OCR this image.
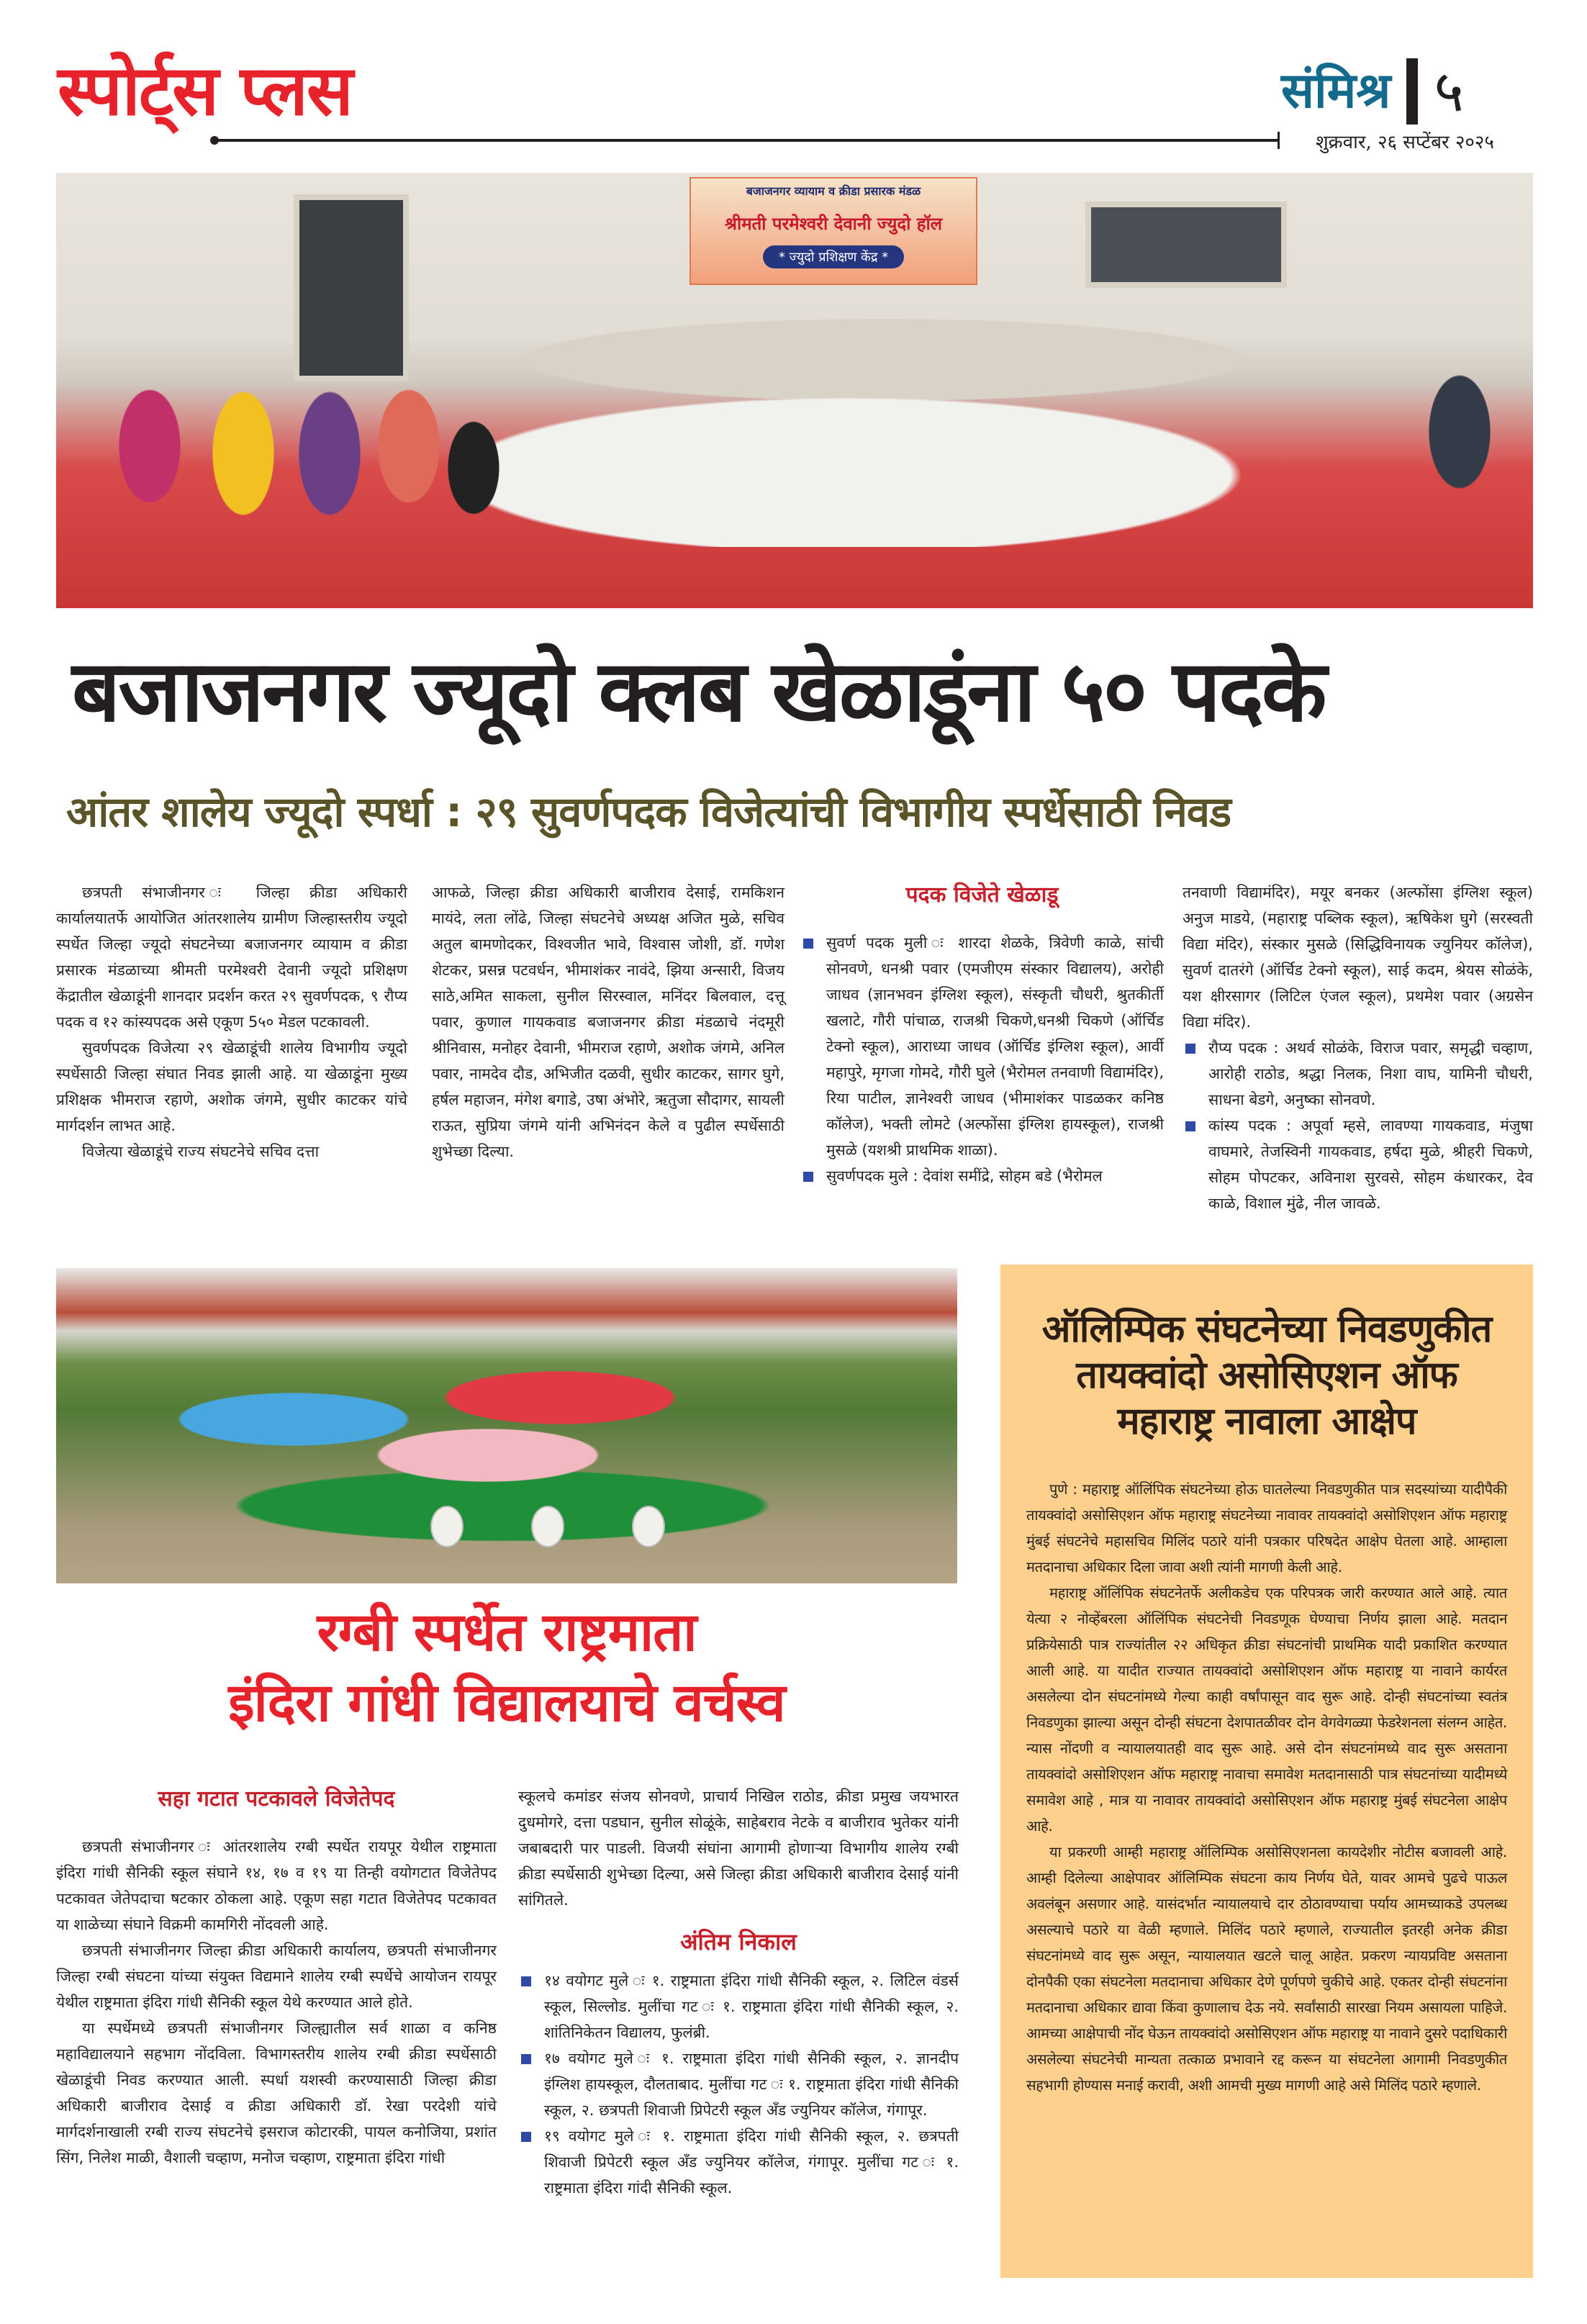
स्पोर्ट्स प्लस	संमिश्र ५
शुक्रवार, २६ सप्टेंबर २०२५
बजाजनगर व्यायाम व क्रीडा प्रसारक मंडळ
श्रीमती परमेश्वरी देवानी ज्युदो हॉल
* ज्युदो प्रशिक्षण केंद्र *
बजाजनगर ज्यूदो क्लब खेळाडूंना ५० पदके
आंतर शालेय ज्यूदो स्पर्धा : २९ सुवर्णपदक विजेत्यांची विभागीय स्पर्धेसाठी निवड

छत्रपती संभाजीनगर ः जिल्हा क्रीडा अधिकारी कार्यालयातर्फे आयोजित आंतरशालेय ग्रामीण जिल्हास्तरीय ज्यूदो स्पर्धेत जिल्हा ज्यूदो संघटनेच्या बजाजनगर व्यायाम व क्रीडा प्रसारक मंडळाच्या श्रीमती परमेश्वरी देवानी ज्यूदो प्रशिक्षण केंद्रातील खेळाडूंनी शानदार प्रदर्शन करत २९ सुवर्णपदक, ९ रौप्य पदक व १२ कांस्यपदक असे एकूण 5५० मेडल पटकावली.

सुवर्णपदक विजेत्या २९ खेळाडूंची शालेय विभागीय ज्यूदो स्पर्धेसाठी जिल्हा संघात निवड झाली आहे. या खेळाडूंना मुख्य प्रशिक्षक भीमराज रहाणे, अशोक जंगमे, सुधीर काटकर यांचे मार्गदर्शन लाभत आहे.

विजेत्या खेळाडूंचे राज्य संघटनेचे सचिव दत्ता

आफळे, जिल्हा क्रीडा अधिकारी बाजीराव देसाई, रामकिशन मायंदे, लता लोंढे, जिल्हा संघटनेचे अध्यक्ष अजित मुळे, सचिव अतुल बामणोदकर, विश्वजीत भावे, विश्वास जोशी, डॉ. गणेश शेटकर, प्रसन्न पटवर्धन, भीमाशंकर नावंदे, झिया अन्सारी, विजय साठे,अमित साकला, सुनील सिरस्वाल, मनिंदर बिलवाल, दत्तू पवार, कुणाल गायकवाड बजाजनगर क्रीडा मंडळाचे नंदमूरी श्रीनिवास, मनोहर देवानी, भीमराज रहाणे, अशोक जंगमे, अनिल पवार, नामदेव दौड, अभिजीत दळवी, सुधीर काटकर, सागर घुगे, हर्षल महाजन, मंगेश बगाडे, उषा अंभोरे, ऋतुजा सौदागर, सायली राऊत, सुप्रिया जंगमे यांनी अभिनंदन केले व पुढील स्पर्धेसाठी शुभेच्छा दिल्या.

पदक विजेते खेळाडू

सुवर्ण पदक मुली ः शारदा शेळके, त्रिवेणी काळे, सांची सोनवणे, धनश्री पवार (एमजीएम संस्कार विद्यालय), अरोही जाधव (ज्ञानभवन इंग्लिश स्कूल), संस्कृती चौधरी, श्रुतकीर्ती खलाटे, गौरी पांचाळ, राजश्री चिकणे,धनश्री चिकणे (ऑर्चिड टेक्नो स्कूल), आराध्या जाधव (ऑर्चिड इंग्लिश स्कूल), आर्वी महापुरे, मृगजा गोमदे, गौरी घुले (भैरोमल तनवाणी विद्यामंदिर), रिया पाटील, ज्ञानेश्वरी जाधव (भीमाशंकर पाडळकर कनिष्ठ कॉलेज), भक्ती लोमटे (अल्फोंसा इंग्लिश हायस्कूल), राजश्री मुसळे (यशश्री प्राथमिक शाळा).

सुवर्णपदक मुले : देवांश समींद्रे, सोहम बडे (भैरोमल

तनवाणी विद्यामंदिर), मयूर बनकर (अल्फोंसा इंग्लिश स्कूल) अनुज माडये, (महाराष्ट्र पब्लिक स्कूल), ऋषिकेश घुगे (सरस्वती विद्या मंदिर), संस्कार मुसळे (सिद्धिविनायक ज्युनियर कॉलेज), सुवर्ण दातरंगे (ऑर्चिड टेक्नो स्कूल), साई कदम, श्रेयस सोळंके, यश क्षीरसागर (लिटिल एंजल स्कूल), प्रथमेश पवार (अग्रसेन विद्या मंदिर).

रौप्य पदक : अथर्व सोळंके, विराज पवार, समृद्धी चव्हाण, आरोही राठोड, श्रद्धा निलक, निशा वाघ, यामिनी चौधरी, साधना बेडगे, अनुष्का सोनवणे.

कांस्य पदक : अपूर्वा म्हसे, लावण्या गायकवाड, मंजुषा वाघमारे, तेजस्विनी गायकवाड, हर्षदा मुळे, श्रीहरी चिकणे, सोहम पोपटकर, अविनाश सुरवसे, सोहम कंधारकर, देव काळे, विशाल मुंढे, नील जावळे.

रग्बी स्पर्धेत राष्ट्रमाता
इंदिरा गांधी विद्यालयाचे वर्चस्व
सहा गटात पटकावले विजेतेपद

छत्रपती संभाजीनगर ः आंतरशालेय रग्बी स्पर्धेत रायपूर येथील राष्ट्रमाता इंदिरा गांधी सैनिकी स्कूल संघाने १४, १७ व १९ या तिन्ही वयोगटात विजेतेपद पटकावत जेतेपदाचा षटकार ठोकला आहे. एकूण सहा गटात विजेतेपद पटकावत या शाळेच्या संघाने विक्रमी कामगिरी नोंदवली आहे.

छत्रपती संभाजीनगर जिल्हा क्रीडा अधिकारी कार्यालय, छत्रपती संभाजीनगर जिल्हा रग्बी संघटना यांच्या संयुक्त विद्यमाने शालेय रग्बी स्पर्धेचे आयोजन रायपूर येथील राष्ट्रमाता इंदिरा गांधी सैनिकी स्कूल येथे करण्यात आले होते.

या स्पर्धेमध्ये छत्रपती संभाजीनगर जिल्ह्यातील सर्व शाळा व कनिष्ठ महाविद्यालयाने सहभाग नोंदविला. विभागस्तरीय शालेय रग्बी क्रीडा स्पर्धेसाठी खेळाडूंची निवड करण्यात आली. स्पर्धा यशस्वी करण्यासाठी जिल्हा क्रीडा अधिकारी बाजीराव देसाई व क्रीडा अधिकारी डॉ. रेखा परदेशी यांचे मार्गदर्शनाखाली रग्बी राज्य संघटनेचे इसराज कोटारकी, पायल कनोजिया, प्रशांत सिंग, निलेश माळी, वैशाली चव्हाण, मनोज चव्हाण, राष्ट्रमाता इंदिरा गांधी

स्कूलचे कमांडर संजय सोनवणे, प्राचार्य निखिल राठोड, क्रीडा प्रमुख जयभारत दुधमोगरे, दत्ता पडघान, सुनील सोळूंके, साहेबराव नेटके व बाजीराव भुतेकर यांनी जबाबदारी पार पाडली. विजयी संघांना आगामी होणाऱ्या विभागीय शालेय रग्बी क्रीडा स्पर्धेसाठी शुभेच्छा दिल्या, असे जिल्हा क्रीडा अधिकारी बाजीराव देसाई यांनी सांगितले.

अंतिम निकाल

१४ वयोगट मुले ः १. राष्ट्रमाता इंदिरा गांधी सैनिकी स्कूल, २. लिटिल वंडर्स स्कूल, सिल्लोड. मुलींचा गट ः १. राष्ट्रमाता इंदिरा गांधी सैनिकी स्कूल, २. शांतिनिकेतन विद्यालय, फुलंब्री.

१७ वयोगट मुले ः १. राष्ट्रमाता इंदिरा गांधी सैनिकी स्कूल, २. ज्ञानदीप इंग्लिश हायस्कूल, दौलताबाद. मुलींचा गट ः १. राष्ट्रमाता इंदिरा गांधी सैनिकी स्कूल, २. छत्रपती शिवाजी प्रिपेटरी स्कूल अँड ज्युनियर कॉलेज, गंगापूर.

१९ वयोगट मुले ः १. राष्ट्रमाता इंदिरा गांधी सैनिकी स्कूल, २. छत्रपती शिवाजी प्रिपेटरी स्कूल अँड ज्युनियर कॉलेज, गंगापूर. मुलींचा गट ः १. राष्ट्रमाता इंदिरा गांदी सैनिकी स्कूल.

ऑलिम्पिक संघटनेच्या निवडणुकीत तायक्वांदो असोसिएशन ऑफ महाराष्ट्र नावाला आक्षेप

पुणे : महाराष्ट्र ऑलिंपिक संघटनेच्या होऊ घातलेल्या निवडणुकीत पात्र सदस्यांच्या यादीपैकी तायक्वांदो असोसिएशन ऑफ महाराष्ट्र संघटनेच्या नावावर तायक्वांदो असोशिएशन ऑफ महाराष्ट्र मुंबई संघटनेचे महासचिव मिलिंद पठारे यांनी पत्रकार परिषदेत आक्षेप घेतला आहे. आम्हाला मतदानाचा अधिकार दिला जावा अशी त्यांनी मागणी केली आहे.

महाराष्ट्र ऑलिंपिक संघटनेतर्फे अलीकडेच एक परिपत्रक जारी करण्यात आले आहे. त्यात येत्या २ नोव्हेंबरला ऑलिंपिक संघटनेची निवडणूक घेण्याचा निर्णय झाला आहे. मतदान प्रक्रियेसाठी पात्र राज्यांतील २२ अधिकृत क्रीडा संघटनांची प्राथमिक यादी प्रकाशित करण्यात आली आहे. या यादीत राज्यात तायक्वांदो असोशिएशन ऑफ महाराष्ट्र या नावाने कार्यरत असलेल्या दोन संघटनांमध्ये गेल्या काही वर्षांपासून वाद सुरू आहे. दोन्ही संघटनांच्या स्वतंत्र निवडणुका झाल्या असून दोन्ही संघटना देशपातळीवर दोन वेगवेगळ्या फेडरेशनला संलग्न आहेत. न्यास नोंदणी व न्यायालयातही वाद सुरू आहे. असे दोन संघटनांमध्ये वाद सुरू असताना तायक्वांदो असोशिएशन ऑफ महाराष्ट्र नावाचा समावेश मतदानासाठी पात्र संघटनांच्या यादीमध्ये समावेश आहे , मात्र या नावावर तायक्वांदो असोसिएशन ऑफ महाराष्ट्र मुंबई संघटनेला आक्षेप आहे.

या प्रकरणी आम्ही महाराष्ट्र ऑलिम्पिक असोसिएशनला कायदेशीर नोटीस बजावली आहे. आम्ही दिलेल्या आक्षेपावर ऑलिम्पिक संघटना काय निर्णय घेते, यावर आमचे पुढचे पाऊल अवलंबून असणार आहे. यासंदर्भात न्यायालयाचे दार ठोठावण्याचा पर्याय आमच्याकडे उपलब्ध असल्याचे पठारे या वेळी म्हणाले. मिलिंद पठारे म्हणाले, राज्यातील इतरही अनेक क्रीडा संघटनांमध्ये वाद सुरू असून, न्यायालयात खटले चालू आहेत. प्रकरण न्यायप्रविष्ट असताना दोनपैकी एका संघटनेला मतदानाचा अधिकार देणे पूर्णपणे चुकीचे आहे. एकतर दोन्ही संघटनांना मतदानाचा अधिकार द्यावा किंवा कुणालाच देऊ नये. सर्वांसाठी सारखा नियम असायला पाहिजे. आमच्या आक्षेपाची नोंद घेऊन तायक्वांदो असोसिएशन ऑफ महाराष्ट्र या नावाने दुसरे पदाधिकारी असलेल्या संघटनेची मान्यता तत्काळ प्रभावाने रद्द करून या संघटनेला आगामी निवडणुकीत सहभागी होण्यास मनाई करावी, अशी आमची मुख्य मागणी आहे असे मिलिंद पठारे म्हणाले.
